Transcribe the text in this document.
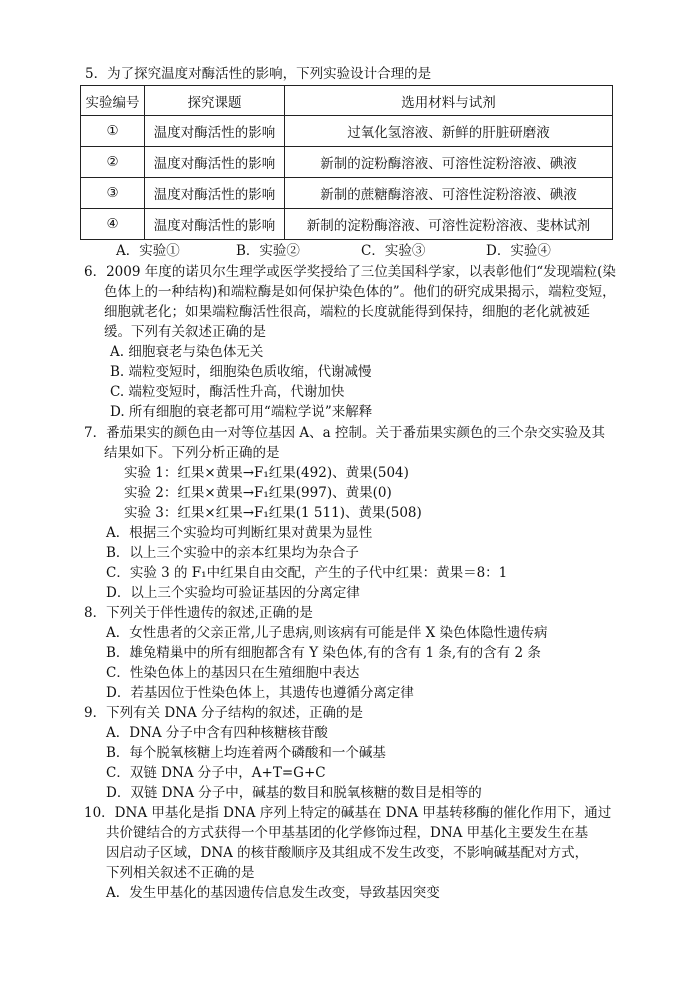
5．为了探究温度对酶活性的影响，下列实验设计合理的是
实验编号	探究课题	选用材料与试剂
①	温度对酶活性的影响	过氧化氢溶液、新鲜的肝脏研磨液
②	温度对酶活性的影响	新制的淀粉酶溶液、可溶性淀粉溶液、碘液
③	温度对酶活性的影响	新制的蔗糖酶溶液、可溶性淀粉溶液、碘液
④	温度对酶活性的影响	新制的淀粉酶溶液、可溶性淀粉溶液、斐林试剂
A．实验①	B．实验②	C．实验③	D．实验④
6．2009 年度的诺贝尔生理学或医学奖授给了三位美国科学家，以表彰他们“发现端粒(染
色体上的一种结构)和端粒酶是如何保护染色体的”。他们的研究成果揭示，端粒变短，
细胞就老化；如果端粒酶活性很高，端粒的长度就能得到保持，细胞的老化就被延
缓。下列有关叙述正确的是
A. 细胞衰老与染色体无关
B. 端粒变短时，细胞染色质收缩，代谢减慢
C. 端粒变短时，酶活性升高，代谢加快
D. 所有细胞的衰老都可用“端粒学说”来解释
7．番茄果实的颜色由一对等位基因 A、a 控制。关于番茄果实颜色的三个杂交实验及其
结果如下。下列分析正确的是
实验 1：红果×黄果→F₁红果(492)、黄果(504)
实验 2：红果×黄果→F₁红果(997)、黄果(0)
实验 3：红果×红果→F₁红果(1 511)、黄果(508)
A．根据三个实验均可判断红果对黄果为显性
B．以上三个实验中的亲本红果均为杂合子
C．实验 3 的 F₁中红果自由交配，产生的子代中红果：黄果＝8：1
D．以上三个实验均可验证基因的分离定律
8．下列关于伴性遗传的叙述,正确的是
A．女性患者的父亲正常,儿子患病,则该病有可能是伴 X 染色体隐性遗传病
B．雄兔精巢中的所有细胞都含有 Y 染色体,有的含有 1 条,有的含有 2 条
C．性染色体上的基因只在生殖细胞中表达
D．若基因位于性染色体上，其遗传也遵循分离定律
9．下列有关 DNA 分子结构的叙述，正确的是
A．DNA 分子中含有四种核糖核苷酸
B．每个脱氧核糖上均连着两个磷酸和一个碱基
C．双链 DNA 分子中，A+T=G+C
D．双链 DNA 分子中，碱基的数目和脱氧核糖的数目是相等的
10．DNA 甲基化是指 DNA 序列上特定的碱基在 DNA 甲基转移酶的催化作用下，通过
共价键结合的方式获得一个甲基基团的化学修饰过程，DNA 甲基化主要发生在基
因启动子区域，DNA 的核苷酸顺序及其组成不发生改变，不影响碱基配对方式，
下列相关叙述不正确的是
A．发生甲基化的基因遗传信息发生改变，导致基因突变
